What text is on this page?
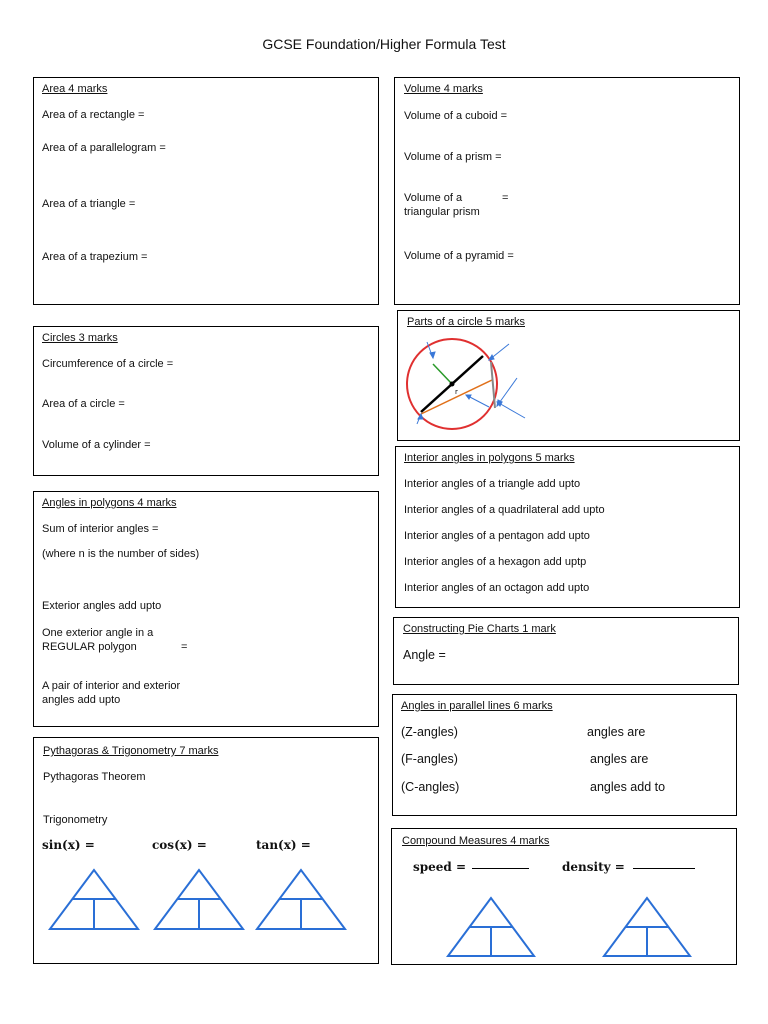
GCSE Foundation/Higher Formula Test
Area 4 marks
Area of a rectangle =
Area of a parallelogram =
Area of a triangle =
Area of a trapezium =
Volume 4 marks
Volume of a cuboid =
Volume of a prism =
Volume of a	=
triangular prism
Volume of a pyramid =
Circles 3 marks
Circumference of a circle =
Area of a circle =
Volume of a cylinder =
Parts of a circle 5 marks
r
Interior angles in polygons 5 marks
Interior angles of a triangle add upto
Interior angles of a quadrilateral add upto
Interior angles of a pentagon add upto
Interior angles of a hexagon add uptp
Interior angles of an octagon add upto
Angles in polygons 4 marks
Sum of interior angles =
(where n is the number of sides)
Exterior angles add upto
One exterior angle in a
REGULAR polygon	=
A pair of interior and exterior
angles add upto
Constructing Pie Charts 1 mark
Angle =
Angles in parallel lines 6 marks
(Z-angles)	angles are
(F-angles)	angles are
(C-angles)	angles add to
Pythagoras & Trigonometry 7 marks
Pythagoras Theorem
Trigonometry
sin(x) =	cos(x) =	tan(x) =	Compound Measures 4 marks
speed =	density =
